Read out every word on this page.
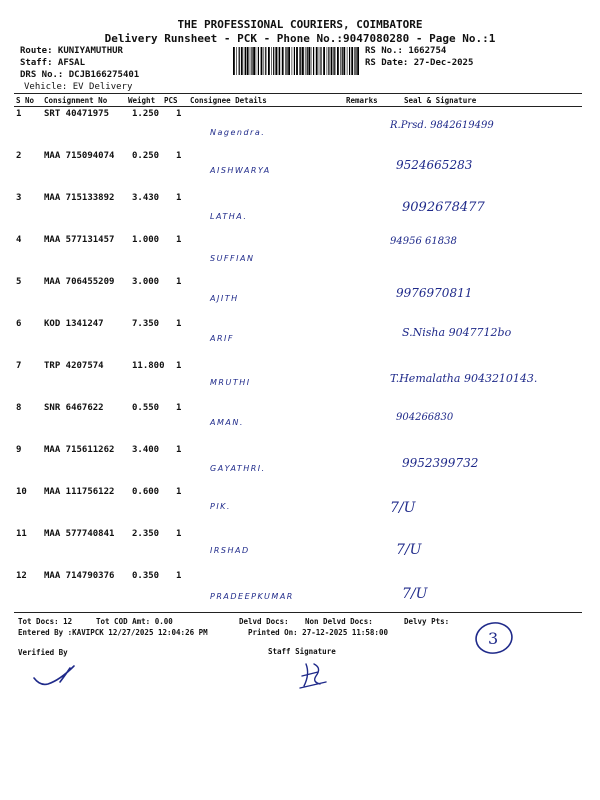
THE PROFESSIONAL COURIERS, COIMBATORE
Delivery Runsheet - PCK - Phone No.:9047080280 - Page No.:1
Route: KUNIYAMUTHUR
Staff: AFSAL
DRS No.: DCJB166275401
Vehicle: EV Delivery
RS No.: 1662754
RS Date: 27-Dec-2025
S No Consignment No	Weight PCS Consignee Details	Remarks	Seal & Signature
1	SRT 40471975	1.250 1
Nagendra.
R.Prsd. 9842619499
2	MAA 715094074 0.250 1
AISHWARYA	9524665283
3	MAA 715133892 3.430 1
LATHA.
9092678477
4	MAA 577131457 1.000 1
SUFFIAN
94956 61838
5	MAA 706455209 3.000 1
AJITH	9976970811
6	KOD 1341247	7.350 1
ARIF	S.Nisha 9047712bo
7	TRP 4207574	11.800 1
MRUTHI	T.Hemalatha 9043210143.
8	SNR 6467622	0.550 1
AMAN.	904266830
9	MAA 715611262 3.400 1
GAYATHRI.	9952399732
10 MAA 111756122 0.600 1
PIK.	7/U
11 MAA 577740841 2.350 1
IRSHAD	7/U
12 MAA 714790376 0.350 1
PRADEEPKUMAR	7/U
Tot Docs: 12	Tot COD Amt: 0.00	Delvd Docs: Non Delvd Docs:	Delvy Pts:
Entered By :KAVIPCK 12/27/2025 12:04:26 PM	Printed On: 27-12-2025 11:58:00
Verified By	Staff Signature
3
